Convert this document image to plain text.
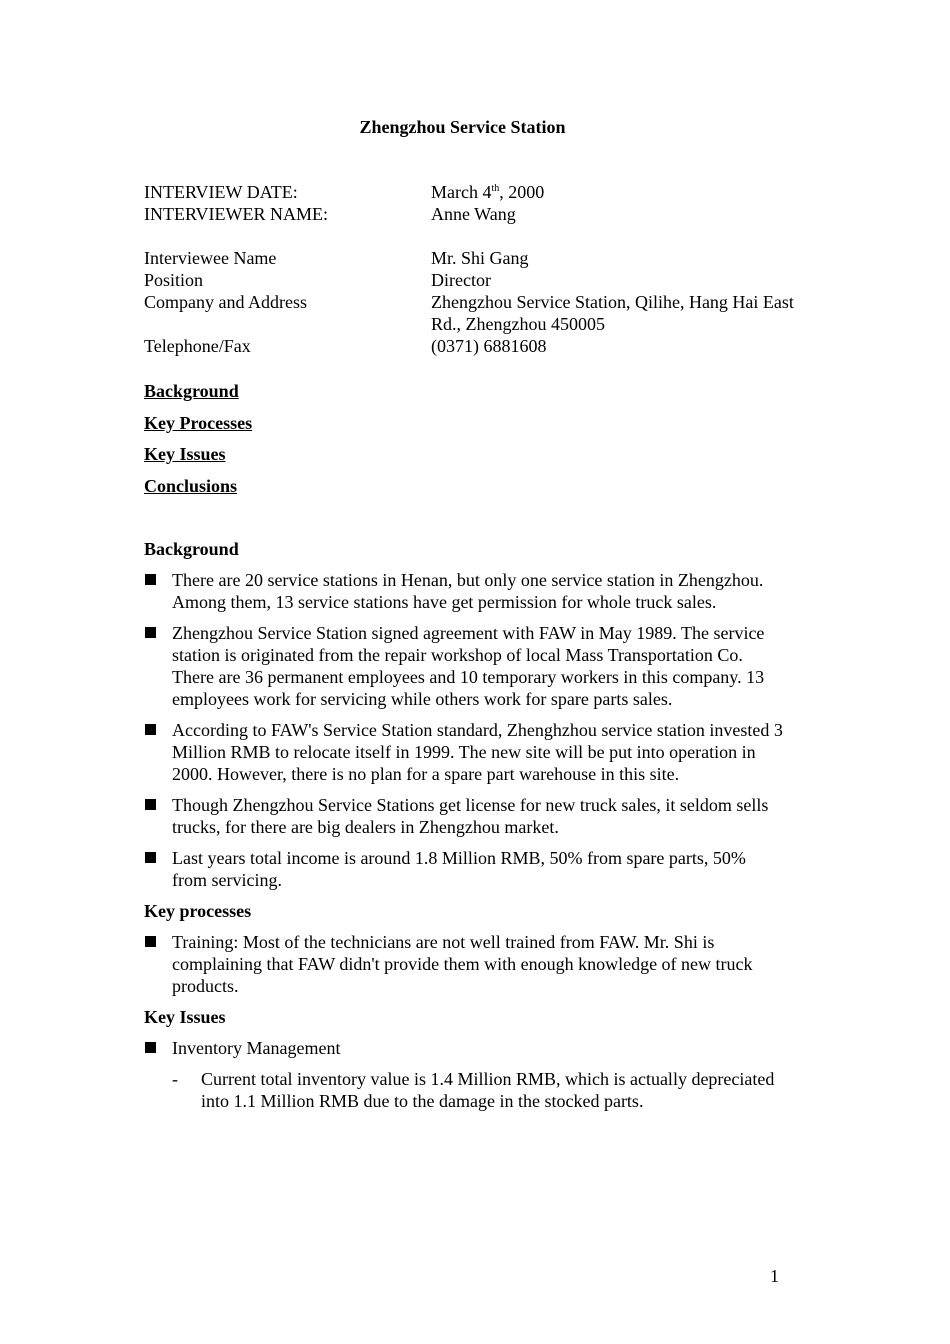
Zhengzhou Service Station
INTERVIEW DATE:	March 4th, 2000
INTERVIEWER NAME:	Anne Wang
Interviewee Name	Mr. Shi Gang
Position	Director
Company and Address	Zhengzhou Service Station, Qilihe, Hang Hai East Rd., Zhengzhou 450005
Telephone/Fax	(0371) 6881608
Background
Key Processes
Key Issues
Conclusions
Background
There are 20 service stations in Henan, but only one service station in Zhengzhou. Among them, 13 service stations have get permission for whole truck sales.
Zhengzhou Service Station signed agreement with FAW in May 1989. The service station is originated from the repair workshop of local Mass Transportation Co. There are 36 permanent employees and 10 temporary workers in this company. 13 employees work for servicing while others work for spare parts sales.
According to FAW's Service Station standard, Zhenghzhou service station invested 3 Million RMB to relocate itself in 1999. The new site will be put into operation in 2000. However, there is no plan for a spare part warehouse in this site.
Though Zhengzhou Service Stations get license for new truck sales, it seldom sells trucks, for there are big dealers in Zhengzhou market.
Last years total income is around 1.8 Million RMB, 50% from spare parts, 50% from servicing.
Key processes
Training: Most of the technicians are not well trained from FAW. Mr. Shi is complaining that FAW didn't provide them with enough knowledge of new truck products.
Key Issues
Inventory Management
- Current total inventory value is 1.4 Million RMB, which is actually depreciated into 1.1 Million RMB due to the damage in the stocked parts.
1
